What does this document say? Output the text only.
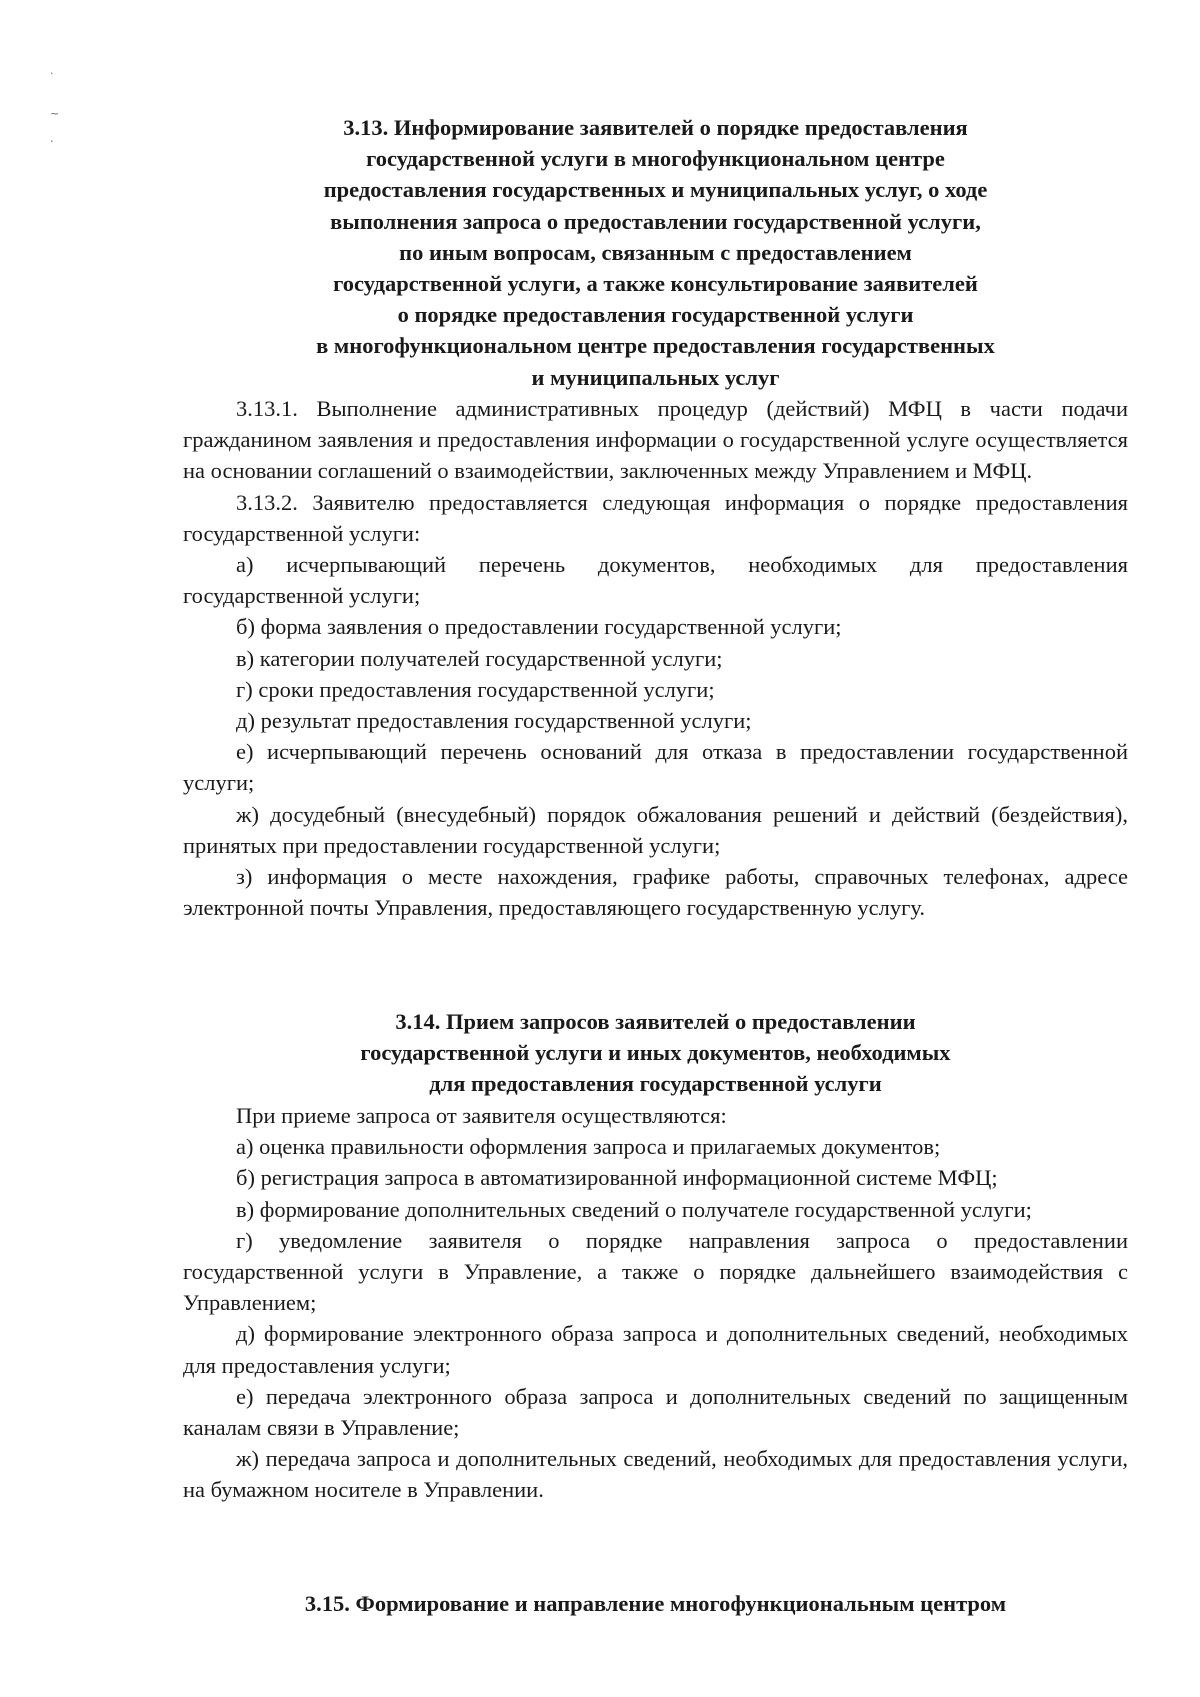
·
~
·
3.13. Информирование заявителей о порядке предоставления
государственной услуги в многофункциональном центре
предоставления государственных и муниципальных услуг, о ходе
выполнения запроса о предоставлении государственной услуги,
по иным вопросам, связанным с предоставлением
государственной услуги, а также консультирование заявителей
о порядке предоставления государственной услуги
в многофункциональном центре предоставления государственных
и муниципальных услуг

3.13.1. Выполнение административных процедур (действий) МФЦ в части подачи гражданином заявления и предоставления информации о государственной услуге осуществляется на основании соглашений о взаимодействии, заключенных между Управлением и МФЦ.

3.13.2. Заявителю предоставляется следующая информация о порядке предоставления государственной услуги:

а) исчерпывающий перечень документов, необходимых для предоставления государственной услуги;

б) форма заявления о предоставлении государственной услуги;

в) категории получателей государственной услуги;

г) сроки предоставления государственной услуги;

д) результат предоставления государственной услуги;

е) исчерпывающий перечень оснований для отказа в предоставлении государственной услуги;

ж) досудебный (внесудебный) порядок обжалования решений и действий (бездействия), принятых при предоставлении государственной услуги;

з) информация о месте нахождения, графике работы, справочных телефонах, адресе электронной почты Управления, предоставляющего государственную услугу.

3.14. Прием запросов заявителей о предоставлении
государственной услуги и иных документов, необходимых
для предоставления государственной услуги

При приеме запроса от заявителя осуществляются:

а) оценка правильности оформления запроса и прилагаемых документов;

б) регистрация запроса в автоматизированной информационной системе МФЦ;

в) формирование дополнительных сведений о получателе государственной услуги;

г) уведомление заявителя о порядке направления запроса о предоставлении государственной услуги в Управление, а также о порядке дальнейшего взаимодействия с Управлением;

д) формирование электронного образа запроса и дополнительных сведений, необходимых для предоставления услуги;

е) передача электронного образа запроса и дополнительных сведений по защищенным каналам связи в Управление;

ж) передача запроса и дополнительных сведений, необходимых для предоставления услуги, на бумажном носителе в Управлении.

3.15. Формирование и направление многофункциональным центром
